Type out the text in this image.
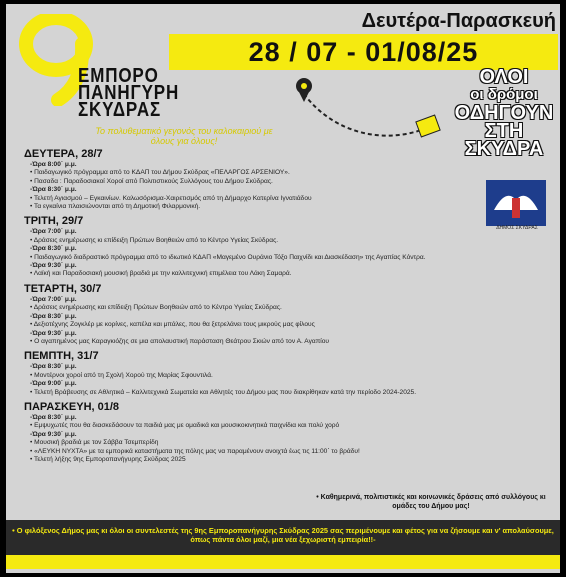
ΕΜΠΟΡΟ
ΠΑΝΗΓΥΡΗ
ΣΚΥΔΡΑΣ
Το πολυθεματικό γεγονός του καλοκαιριού με όλους για όλους!
Δευτέρα-Παρασκευή
28 / 07 - 01/08/25
ΟΛΟΙ
οι δρόμοι
ΟΔΗΓΟΥΝ
ΣΤΗ
ΣΚΥΔΡΑ
ΔΗΜΟΣ ΣΚΥΔΡΑΣ
ΔΕΥΤΕΡΑ, 28/7
-Ώρα 8:00΄ μ.μ.
• Παιδαγωγικό πρόγραμμα από το ΚΔΑΠ του Δήμου Σκύδρας «ΠΕΛΑΡΓΟΣ ΑΡΣΕΝΙΟΥ».
• Πασαδα : Παραδοσιακοί Χοροί από Πολιτιστικούς Συλλόγους του Δήμου Σκύδρας.
-Ώρα 8:30΄ μ.μ.
• Τελετή Αγιασμού – Εγκαινίων. Καλωσόρισμα-Χαιρετισμός από τη Δήμαρχο Κατερίνα Ιγνατιάδου
• Τα εγκαίνια πλαισιώνονται από τη Δημοτική Φιλαρμονική.
ΤΡΙΤΗ, 29/7
-Ώρα 7:00΄ μ.μ.
• Δράσεις ενημέρωσης κι επίδειξη Πρώτων Βοηθειών από το Κέντρο Υγείας Σκύδρας.
-Ώρα 8:30΄ μ.μ.
• Παιδαγωγικό διαδραστικό πρόγραμμα από το ιδιωτικό ΚΔΑΠ «Μαγεμένο Ουράνιο Τόξο Παιχνίδι και Διασκέδαση» της Αγαπίας Κόντρα.
-Ώρα 9:30΄ μ.μ.
• Λαϊκή και Παραδοσιακή μουσική βραδιά με την καλλιτεχνική επιμέλεια του Λάκη Σαμαρά.
ΤΕΤΑΡΤΗ, 30/7
-Ώρα 7:00΄ μ.μ.
• Δράσεις ενημέρωσης και επίδειξη Πρώτων Βοηθειών από το Κέντρο Υγείας Σκύδρας.
-Ώρα 8:30΄ μ.μ.
• Δεξιοτέχνης Ζογκλέρ με κορίνες, καπέλα και μπάλες, που θα ξετρελάνει τους μικρούς μας φίλους
-Ώρα 9:30΄ μ.μ.
• Ο αγαπημένος μας Καραγκιόζης σε μια απολαυστική παράσταση Θεάτρου Σκιών από τον Α. Αγαπίου
ΠΕΜΠΤΗ, 31/7
-Ώρα 8:30΄ μ.μ.
• Μοντέρνοι χοροί από τη Σχολή Χορού της Μαρίας Σφουντιλά.
-Ώρα 9:00΄ μ.μ.
• Τελετή Βράβευσης σε Αθλητικά – Καλλιτεχνικά Σωματεία και Αθλητές του Δήμου μας που διακρίθηκαν κατά την περίοδο 2024-2025.
ΠΑΡΑΣΚΕΥΗ, 01/8
-Ώρα 8:30΄ μ.μ.
• Εμψυχωτές που θα διασκεδάσουν τα παιδιά μας με ομαδικά και μουσικοκινητικά παιχνίδια και πολύ χορό
-Ώρα 9:30΄ μ.μ.
• Μουσική βραδιά με τον Σάββα Τσεμπερίδη
• «ΛΕΥΚΗ ΝΥΧΤΑ» με τα εμπορικά καταστήματα της πόλης μας να παραμένουν ανοιχτά έως τις 11:00΄ το βράδυ!
• Τελετή λήξης 9ης Εμποροπανήγυρης Σκύδρας 2025
• Καθημερινά, πολιτιστικές και κοινωνικές δράσεις από συλλόγους κι ομάδες του Δήμου μας!
• Ο φιλόξενος Δήμος μας κι όλοι οι συντελεστές της 9ης Εμποροπανήγυρης Σκύδρας 2025 σας περιμένουμε και φέτος για να ζήσουμε και ν' απολαύσουμε, όπως πάντα όλοι μαζί, μια νέα ξεχωριστή εμπειρία!!-
